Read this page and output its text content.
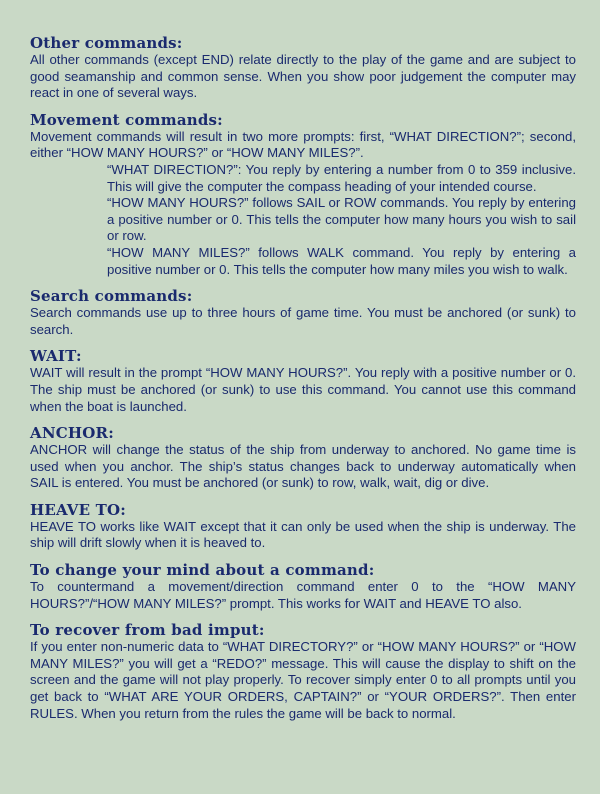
Other commands:
All other commands (except END) relate directly to the play of the game and are subject to good seamanship and common sense. When you show poor judgement the computer may react in one of several ways.
Movement commands:
Movement commands will result in two more prompts: first, “WHAT DIRECTION?”; second, either “HOW MANY HOURS?” or “HOW MANY MILES?”.
“WHAT DIRECTION?”: You reply by entering a number from 0 to 359 inclusive. This will give the computer the compass heading of your intended course.
“HOW MANY HOURS?” follows SAIL or ROW commands. You reply by entering a positive number or 0. This tells the computer how many hours you wish to sail or row.
“HOW MANY MILES?” follows WALK command. You reply by entering a positive number or 0. This tells the computer how many miles you wish to walk.
Search commands:
Search commands use up to three hours of game time. You must be anchored (or sunk) to search.
WAIT:
WAIT will result in the prompt “HOW MANY HOURS?”. You reply with a positive number or 0. The ship must be anchored (or sunk) to use this command. You cannot use this command when the boat is launched.
ANCHOR:
ANCHOR will change the status of the ship from underway to anchored. No game time is used when you anchor. The ship’s status changes back to underway automatically when SAIL is entered. You must be anchored (or sunk) to row, walk, wait, dig or dive.
HEAVE TO:
HEAVE TO works like WAIT except that it can only be used when the ship is underway. The ship will drift slowly when it is heaved to.
To change your mind about a command:
To countermand a movement/direction command enter 0 to the “HOW MANY HOURS?”/“HOW MANY MILES?” prompt. This works for WAIT and HEAVE TO also.
To recover from bad imput:
If you enter non-numeric data to “WHAT DIRECTORY?” or “HOW MANY HOURS?” or “HOW MANY MILES?” you will get a “REDO?” message. This will cause the display to shift on the screen and the game will not play properly. To recover simply enter 0 to all prompts until you get back to “WHAT ARE YOUR ORDERS, CAPTAIN?” or “YOUR ORDERS?”. Then enter RULES. When you return from the rules the game will be back to normal.
